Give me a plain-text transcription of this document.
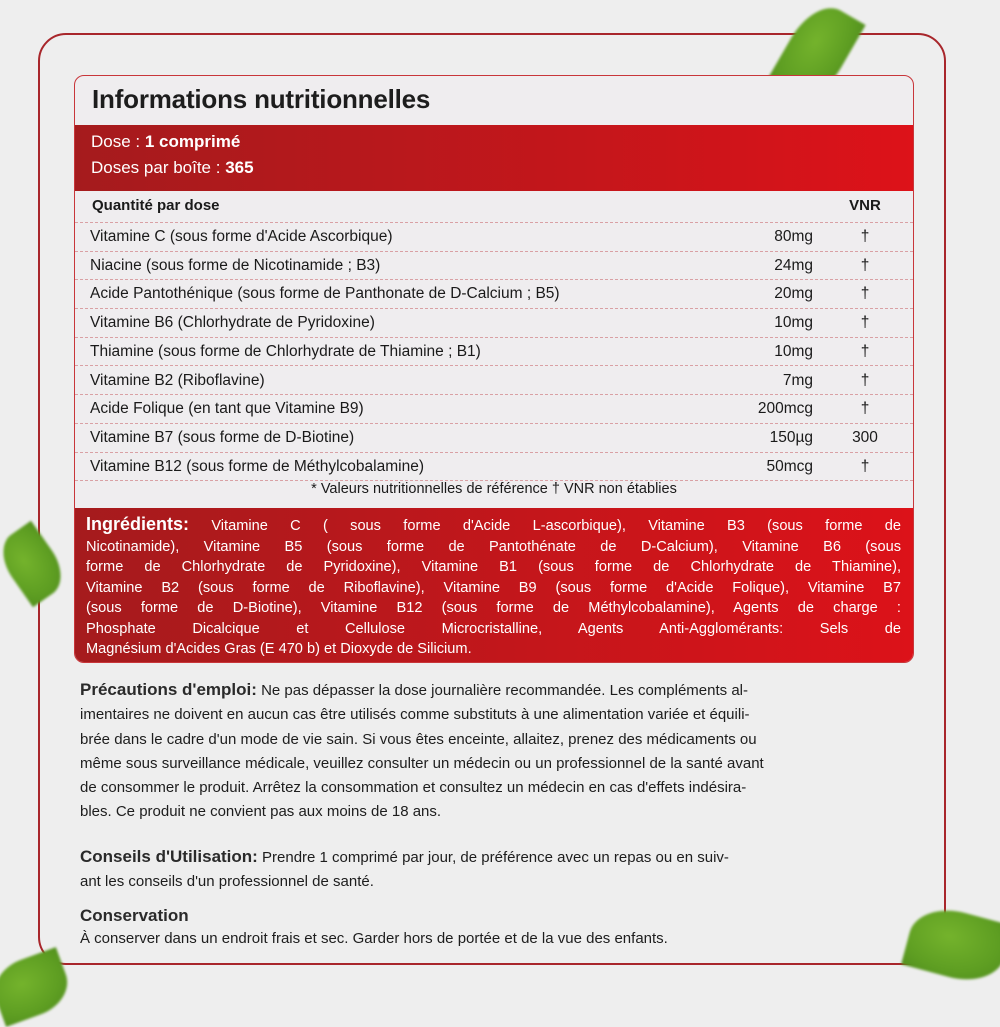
Informations nutritionnelles
Dose : 1 comprimé
Doses par boîte : 365
Quantité par dose	VNR
Vitamine C (sous forme d'Acide Ascorbique)	80mg	†
Niacine (sous forme de Nicotinamide ; B3)	24mg	†
Acide Pantothénique (sous forme de Panthonate de D-Calcium ; B5)	20mg	†
Vitamine B6 (Chlorhydrate de Pyridoxine)	10mg	†
Thiamine (sous forme de Chlorhydrate de Thiamine ; B1)	10mg	†
Vitamine B2 (Riboflavine)	7mg	†
Acide Folique (en tant que Vitamine B9)	200mcg	†
Vitamine B7 (sous forme de D-Biotine)	150µg	300
Vitamine B12 (sous forme de Méthylcobalamine)	50mcg	†
* Valeurs nutritionnelles de référence † VNR non établies
Ingrédients: Vitamine C ( sous forme d'Acide L-ascorbique), Vitamine B3 (sous forme de
Nicotinamide), Vitamine B5 (sous forme de Pantothénate de D-Calcium), Vitamine B6 (sous
forme de Chlorhydrate de Pyridoxine), Vitamine B1 (sous forme de Chlorhydrate de Thiamine),
Vitamine B2 (sous forme de Riboflavine), Vitamine B9 (sous forme d'Acide Folique), Vitamine B7
(sous forme de D-Biotine), Vitamine B12 (sous forme de Méthylcobalamine), Agents de charge :
Phosphate Dicalcique et Cellulose Microcristalline, Agents Anti-Agglomérants: Sels de
Magnésium d'Acides Gras (E 470 b) et Dioxyde de Silicium.
Précautions d'emploi: Ne pas dépasser la dose journalière recommandée. Les compléments al-
imentaires ne doivent en aucun cas être utilisés comme substituts à une alimentation variée et équili-
brée dans le cadre d'un mode de vie sain. Si vous êtes enceinte, allaitez, prenez des médicaments ou
même sous surveillance médicale, veuillez consulter un médecin ou un professionnel de la santé avant
de consommer le produit. Arrêtez la consommation et consultez un médecin en cas d'effets indésira-
bles. Ce produit ne convient pas aux moins de 18 ans.
Conseils d'Utilisation: Prendre 1 comprimé par jour, de préférence avec un repas ou en suiv-
ant les conseils d'un professionnel de santé.
Conservation
À conserver dans un endroit frais et sec. Garder hors de portée et de la vue des enfants.
